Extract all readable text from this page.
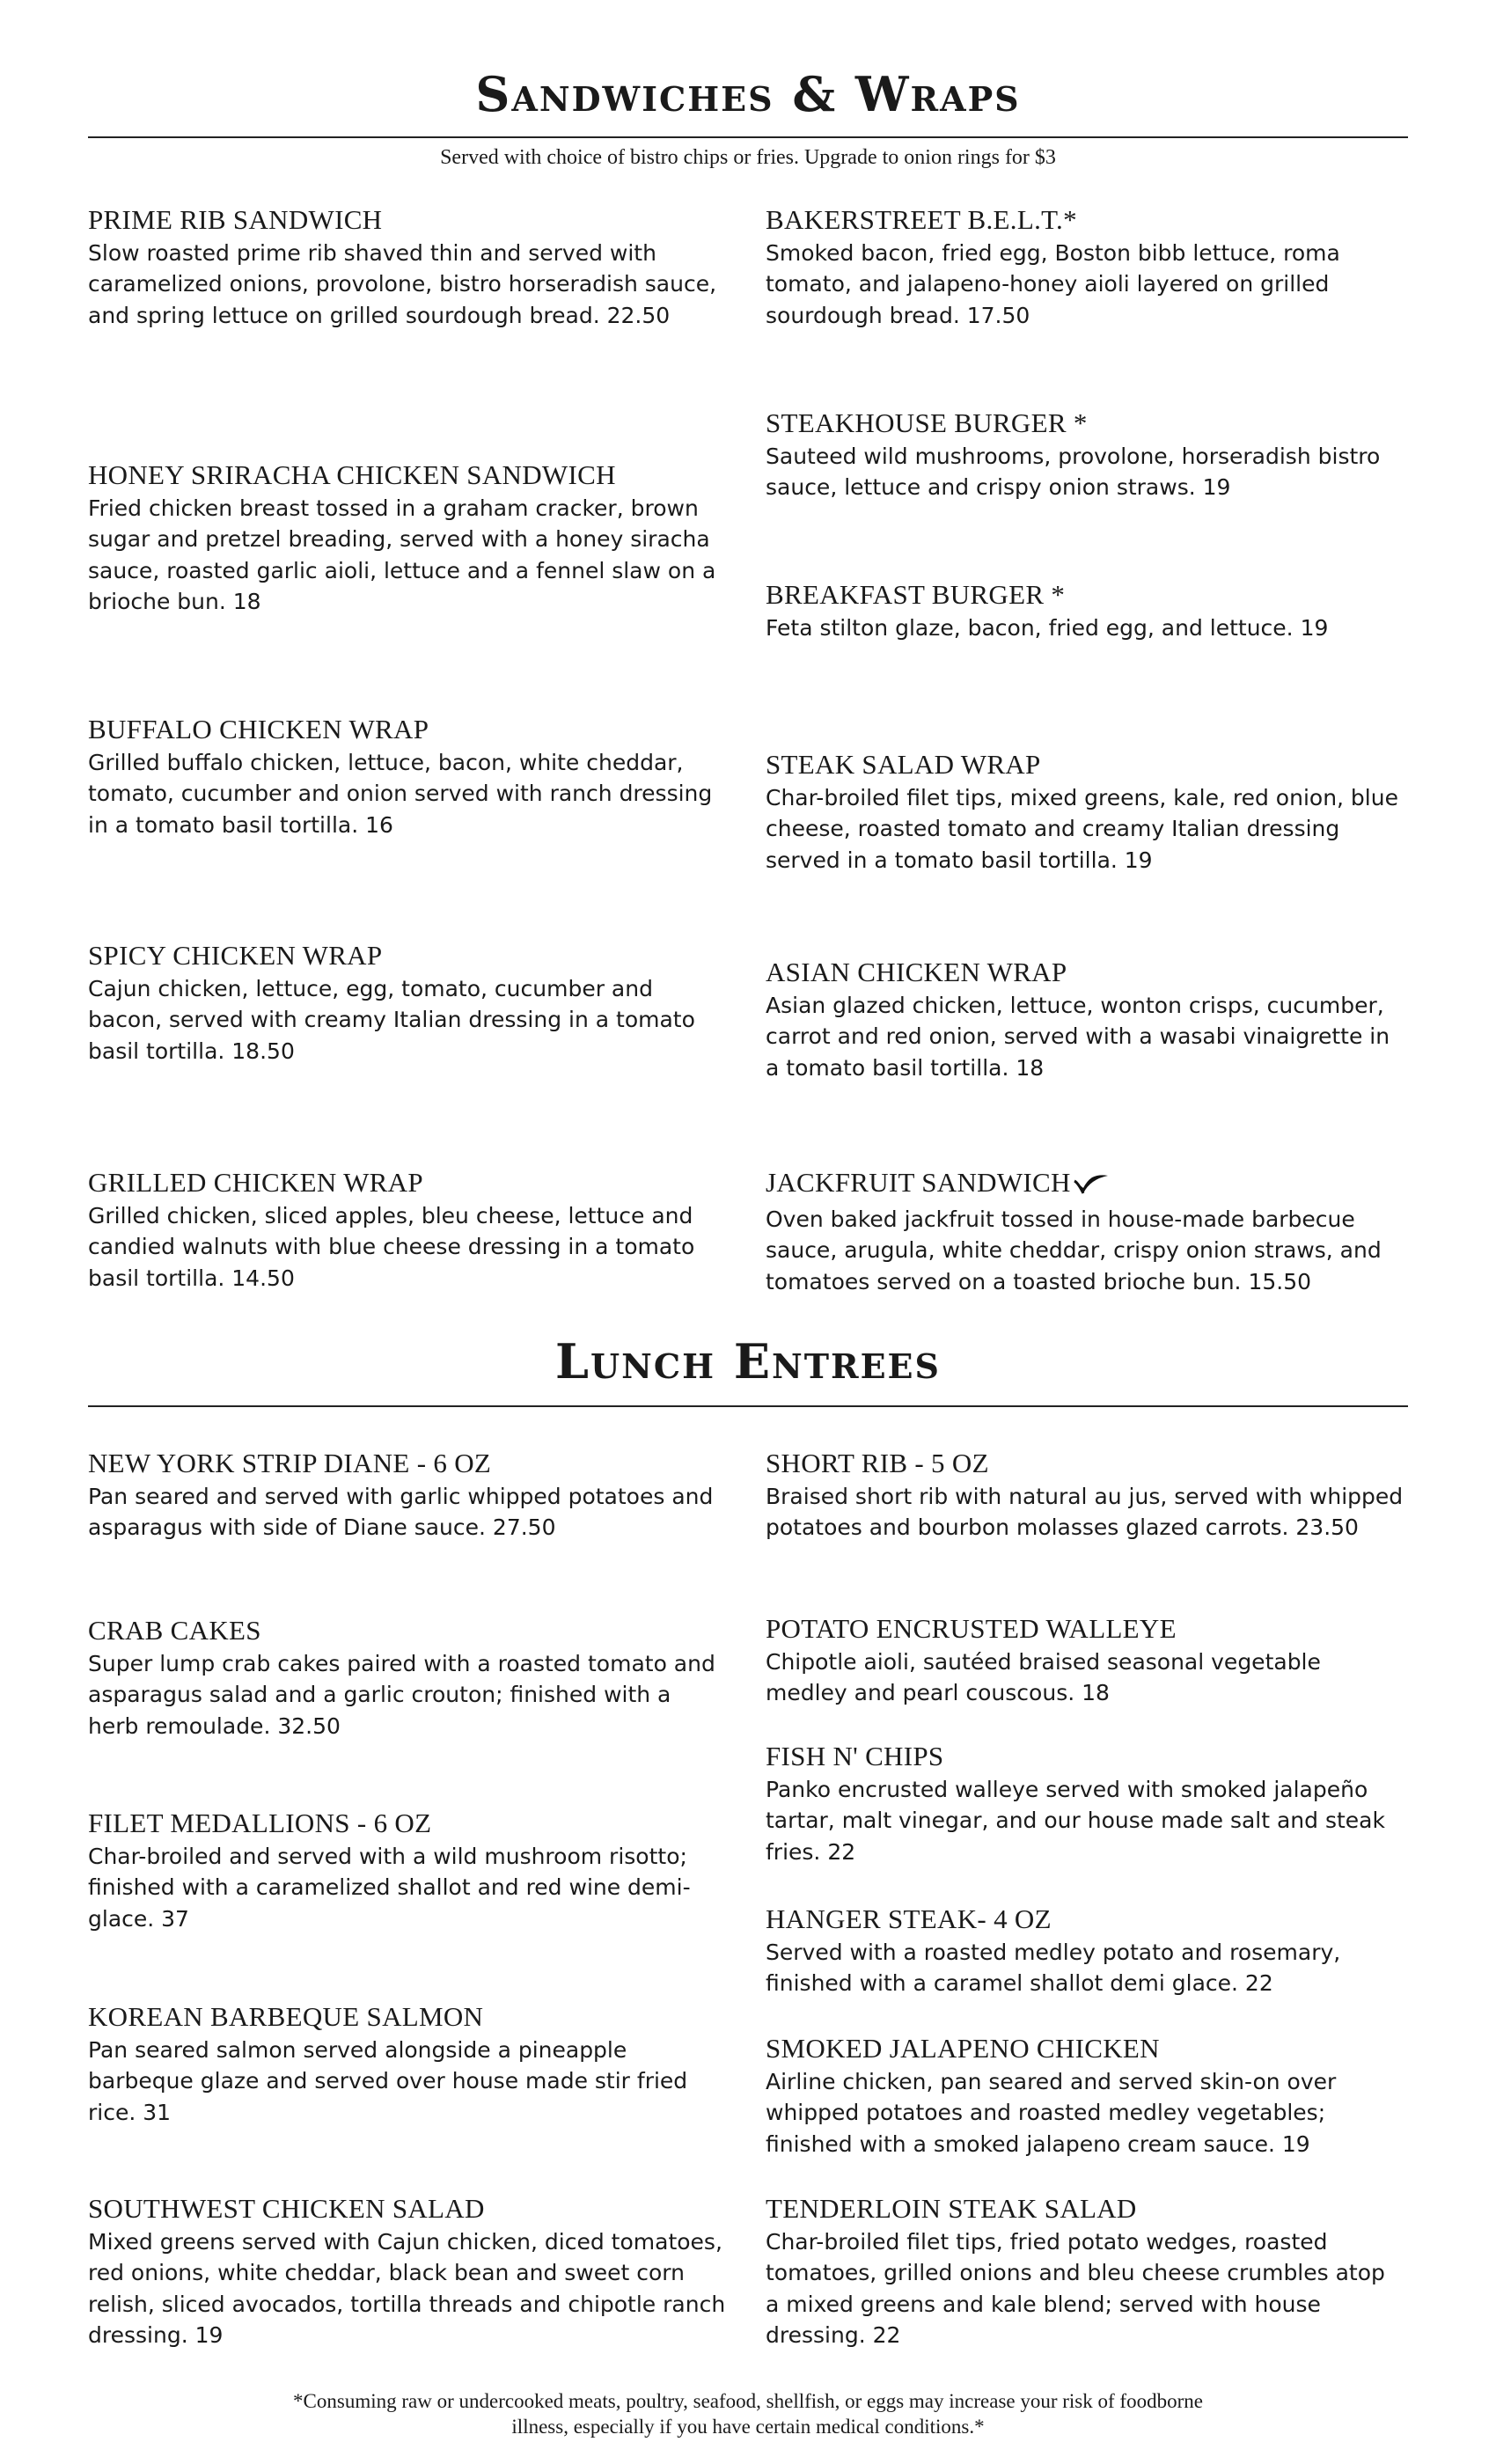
Sandwiches & Wraps
Served with choice of bistro chips or fries. Upgrade to onion rings for $3
PRIME RIB SANDWICH
Slow roasted prime rib shaved thin and served with caramelized onions, provolone, bistro horseradish sauce, and spring lettuce on grilled sourdough bread. 22.50
BAKERSTREET B.E.L.T.*
Smoked bacon, fried egg, Boston bibb lettuce, roma tomato, and jalapeno-honey aioli layered on grilled sourdough bread. 17.50
STEAKHOUSE BURGER *
Sauteed wild mushrooms, provolone, horseradish bistro sauce, lettuce and crispy onion straws. 19
HONEY SRIRACHA CHICKEN SANDWICH
Fried chicken breast tossed in a graham cracker, brown sugar and pretzel breading, served with a honey siracha sauce, roasted garlic aioli, lettuce and a fennel slaw on a brioche bun. 18	BREAKFAST BURGER *
Feta stilton glaze, bacon, fried egg, and lettuce. 19
BUFFALO CHICKEN WRAP
Grilled buffalo chicken, lettuce, bacon, white cheddar, tomato, cucumber and onion served with ranch dressing in a tomato basil tortilla. 16
STEAK SALAD WRAP
Char-broiled filet tips, mixed greens, kale, red onion, blue cheese, roasted tomato and creamy Italian dressing served in a tomato basil tortilla. 19
SPICY CHICKEN WRAP
Cajun chicken, lettuce, egg, tomato, cucumber and bacon, served with creamy Italian dressing in a tomato basil tortilla. 18.50
ASIAN CHICKEN WRAP
Asian glazed chicken, lettuce, wonton crisps, cucumber, carrot and red onion, served with a wasabi vinaigrette in a tomato basil tortilla. 18
GRILLED CHICKEN WRAP
Grilled chicken, sliced apples, bleu cheese, lettuce and candied walnuts with blue cheese dressing in a tomato basil tortilla. 14.50
JACKFRUIT SANDWICH
Oven baked jackfruit tossed in house-made barbecue sauce, arugula, white cheddar, crispy onion straws, and tomatoes served on a toasted brioche bun. 15.50
Lunch Entrees
NEW YORK STRIP DIANE - 6 OZ
Pan seared and served with garlic whipped potatoes and asparagus with side of Diane sauce. 27.50
SHORT RIB - 5 OZ
Braised short rib with natural au jus, served with whipped potatoes and bourbon molasses glazed carrots. 23.50
CRAB CAKES
Super lump crab cakes paired with a roasted tomato and asparagus salad and a garlic crouton; finished with a herb remoulade. 32.50
POTATO ENCRUSTED WALLEYE
Chipotle aioli, sautéed braised seasonal vegetable medley and pearl couscous. 18
FISH N' CHIPS
Panko encrusted walleye served with smoked jalapeño tartar, malt vinegar, and our house made salt and steak fries. 22
FILET MEDALLIONS - 6 OZ
Char-broiled and served with a wild mushroom risotto; finished with a caramelized shallot and red wine demi-glace. 37	HANGER STEAK- 4 OZ
Served with a roasted medley potato and rosemary, finished with a caramel shallot demi glace. 22
KOREAN BARBEQUE SALMON
Pan seared salmon served alongside a pineapple barbeque glaze and served over house made stir fried rice. 31
SMOKED JALAPENO CHICKEN
Airline chicken, pan seared and served skin-on over whipped potatoes and roasted medley vegetables; finished with a smoked jalapeno cream sauce. 19
SOUTHWEST CHICKEN SALAD
Mixed greens served with Cajun chicken, diced tomatoes, red onions, white cheddar, black bean and sweet corn relish, sliced avocados, tortilla threads and chipotle ranch dressing. 19
TENDERLOIN STEAK SALAD
Char-broiled filet tips, fried potato wedges, roasted tomatoes, grilled onions and bleu cheese crumbles atop a mixed greens and kale blend; served with house dressing. 22
*Consuming raw or undercooked meats, poultry, seafood, shellfish, or eggs may increase your risk of foodborne
illness, especially if you have certain medical conditions.*
